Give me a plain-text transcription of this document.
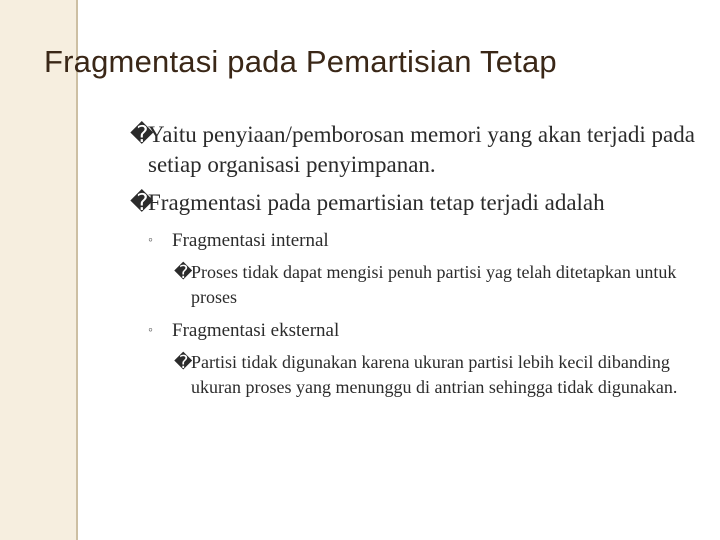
Fragmentasi pada Pemartisian Tetap
�
Yaitu penyiaan/pemborosan memori yang akan terjadi pada setiap organisasi penyimpanan.
�
Fragmentasi pada pemartisian tetap terjadi adalah
◦ Fragmentasi internal
�
Proses tidak dapat mengisi penuh partisi yag telah ditetapkan untuk proses
◦ Fragmentasi eksternal
�
Partisi tidak digunakan karena ukuran partisi lebih kecil dibanding ukuran proses yang menunggu di antrian sehingga tidak digunakan.
